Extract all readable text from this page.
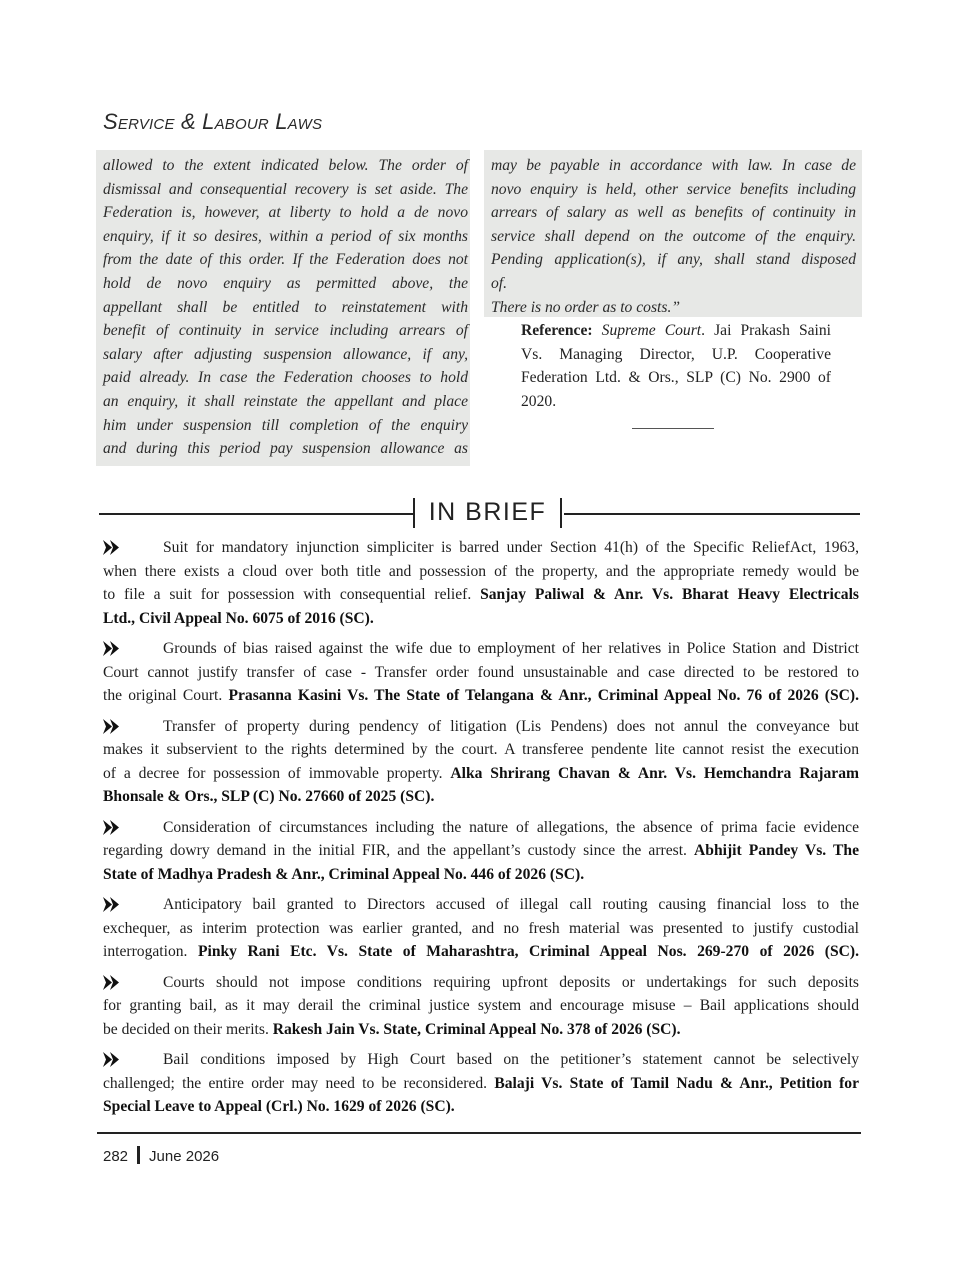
Service & Labour Laws
allowed to the extent indicated below. The order of
dismissal and consequential recovery is set aside. The
Federation is, however, at liberty to hold a de novo
enquiry, if it so desires, within a period of six months
from the date of this order. If the Federation does not
hold de novo enquiry as permitted above, the
appellant shall be entitled to reinstatement with
benefit of continuity in service including arrears of
salary after adjusting suspension allowance, if any,
paid already. In case the Federation chooses to hold
an enquiry, it shall reinstate the appellant and place
him under suspension till completion of the enquiry
and during this period pay suspension allowance as
may be payable in accordance with law. In case de
novo enquiry is held, other service benefits including
arrears of salary as well as benefits of continuity in
service shall depend on the outcome of the enquiry.
Pending application(s), if any, shall stand disposed
of.
There is no order as to costs.”
Reference: Supreme Court. Jai Prakash Saini
Vs. Managing Director, U.P. Cooperative
Federation Ltd. & Ors., SLP (C) No. 2900 of
2020.
IN BRIEF
Suit for mandatory injunction simpliciter is barred under Section 41(h) of the Specific ReliefAct, 1963,
when there exists a cloud over both title and possession of the property, and the appropriate remedy would be
to file a suit for possession with consequential relief. Sanjay Paliwal & Anr. Vs. Bharat Heavy Electricals
Ltd., Civil Appeal No. 6075 of 2016 (SC).
Grounds of bias raised against the wife due to employment of her relatives in Police Station and District
Court cannot justify transfer of case - Transfer order found unsustainable and case directed to be restored to
the original Court. Prasanna Kasini Vs. The State of Telangana & Anr., Criminal Appeal No. 76 of 2026 (SC).
Transfer of property during pendency of litigation (Lis Pendens) does not annul the conveyance but
makes it subservient to the rights determined by the court. A transferee pendente lite cannot resist the execution
of a decree for possession of immovable property. Alka Shrirang Chavan & Anr. Vs. Hemchandra Rajaram
Bhonsale & Ors., SLP (C) No. 27660 of 2025 (SC).
Consideration of circumstances including the nature of allegations, the absence of prima facie evidence
regarding dowry demand in the initial FIR, and the appellant’s custody since the arrest. Abhijit Pandey Vs. The
State of Madhya Pradesh & Anr., Criminal Appeal No. 446 of 2026 (SC).
Anticipatory bail granted to Directors accused of illegal call routing causing financial loss to the
exchequer, as interim protection was earlier granted, and no fresh material was presented to justify custodial
interrogation. Pinky Rani Etc. Vs. State of Maharashtra, Criminal Appeal Nos. 269-270 of 2026 (SC).
Courts should not impose conditions requiring upfront deposits or undertakings for such deposits
for granting bail, as it may derail the criminal justice system and encourage misuse – Bail applications should
be decided on their merits. Rakesh Jain Vs. State, Criminal Appeal No. 378 of 2026 (SC).
Bail conditions imposed by High Court based on the petitioner’s statement cannot be selectively
challenged; the entire order may need to be reconsidered. Balaji Vs. State of Tamil Nadu & Anr., Petition for
Special Leave to Appeal (Crl.) No. 1629 of 2026 (SC).
282 June 2026
